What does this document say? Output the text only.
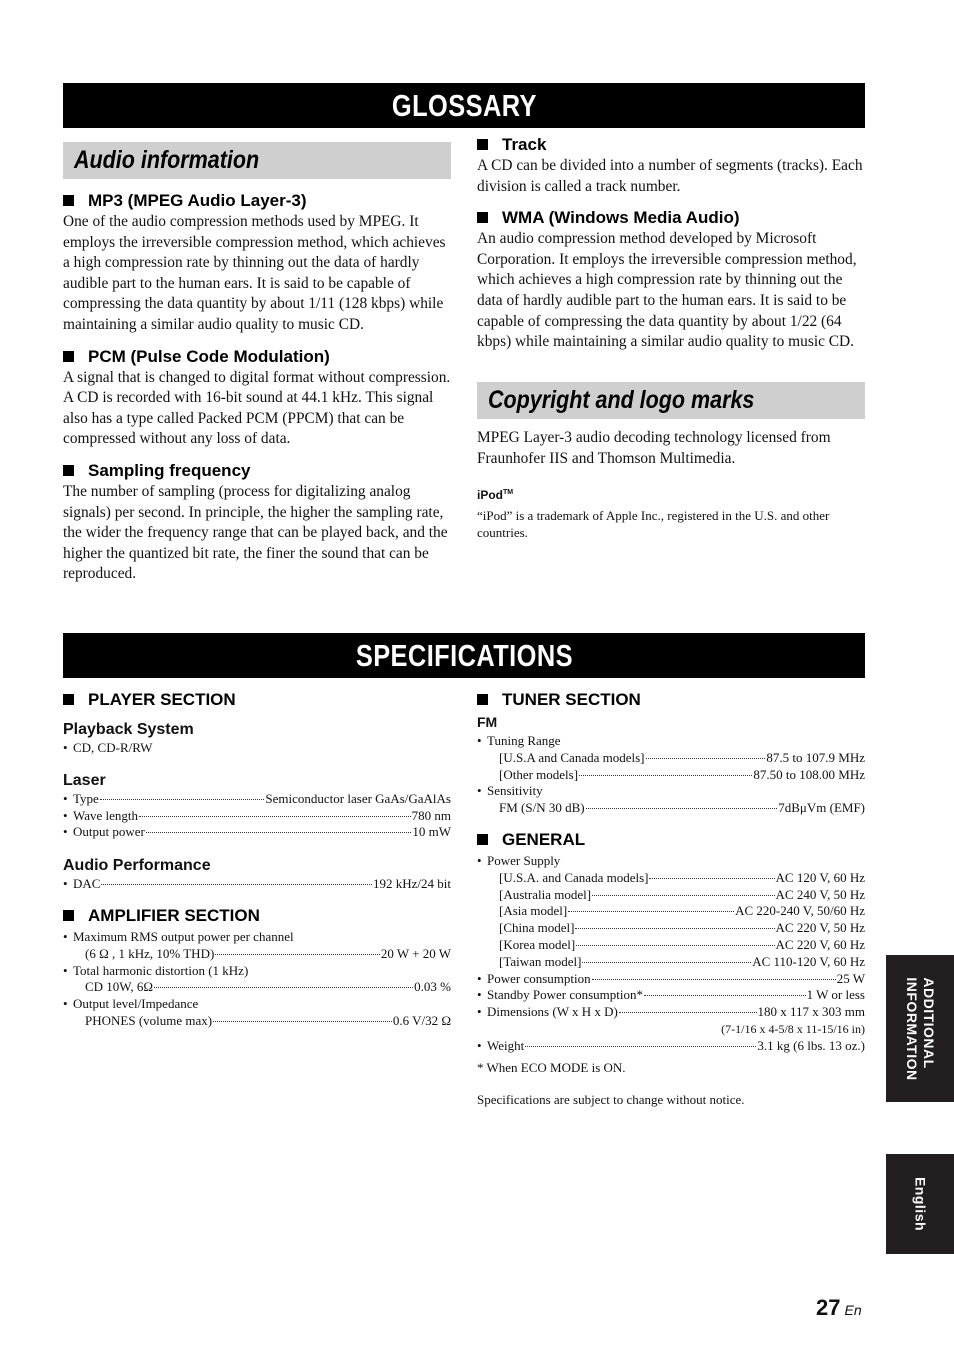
GLOSSARY
Audio information

MP3 (MPEG Audio Layer-3)

One of the audio compression methods used by MPEG. It employs the irreversible compression method, which achieves a high compression rate by thinning out the data of hardly audible part to the human ears. It is said to be capable of compressing the data quantity by about 1/11 (128 kbps) while maintaining a similar audio quality to music CD.

PCM (Pulse Code Modulation)

A signal that is changed to digital format without compression. A CD is recorded with 16-bit sound at 44.1 kHz. This signal also has a type called Packed PCM (PPCM) that can be compressed without any loss of data.

Sampling frequency

The number of sampling (process for digitalizing analog signals) per second. In principle, the higher the sampling rate, the wider the frequency range that can be played back, and the higher the quantized bit rate, the finer the sound that can be reproduced.

Track

A CD can be divided into a number of segments (tracks). Each division is called a track number.

WMA (Windows Media Audio)

An audio compression method developed by Microsoft Corporation. It employs the irreversible compression method, which achieves a high compression rate by thinning out the data of hardly audible part to the human ears. It is said to be capable of compressing the data quantity by about 1/22 (64 kbps) while maintaining a similar audio quality to music CD.

Copyright and logo marks

MPEG Layer-3 audio decoding technology licensed from Fraunhofer IIS and Thomson Multimedia.

iPod™

“iPod” is a trademark of Apple Inc., registered in the U.S. and other countries.

SPECIFICATIONS

PLAYER SECTION

Playback System

• CD, CD-R/RW

Laser

• Type	Semiconductor laser GaAs/GaAlAs
• Wave length	780 nm
• Output power	10 mW

Audio Performance

• DAC	192 kHz/24 bit

AMPLIFIER SECTION

• Maximum RMS output power per channel
(6 Ω , 1 kHz, 10% THD)	20 W + 20 W
• Total harmonic distortion (1 kHz)
CD 10W, 6Ω	0.03 %
• Output level/Impedance
PHONES (volume max)	0.6 V/32 Ω

TUNER SECTION

FM

• Tuning Range
[U.S.A and Canada models]	87.5 to 107.9 MHz
[Other models]	87.50 to 108.00 MHz
• Sensitivity
FM (S/N 30 dB)	7dBμVm (EMF)

GENERAL

• Power Supply
[U.S.A. and Canada models]	AC 120 V, 60 Hz
[Australia model]	AC 240 V, 50 Hz
[Asia model]	AC 220-240 V, 50/60 Hz
[China model]	AC 220 V, 50 Hz
[Korea model]	AC 220 V, 60 Hz
[Taiwan model]	AC 110-120 V, 60 Hz
• Power consumption	25 W
• Standby Power consumption*	1 W or less
• Dimensions (W x H x D)	180 x 117 x 303 mm
(7-1/16 x 4-5/8 x 11-15/16 in)
• Weight	3.1 kg (6 lbs. 13 oz.)

* When ECO MODE is ON.

Specifications are subject to change without notice.

ADDITIONAL
INFORMATION
English
27 En
